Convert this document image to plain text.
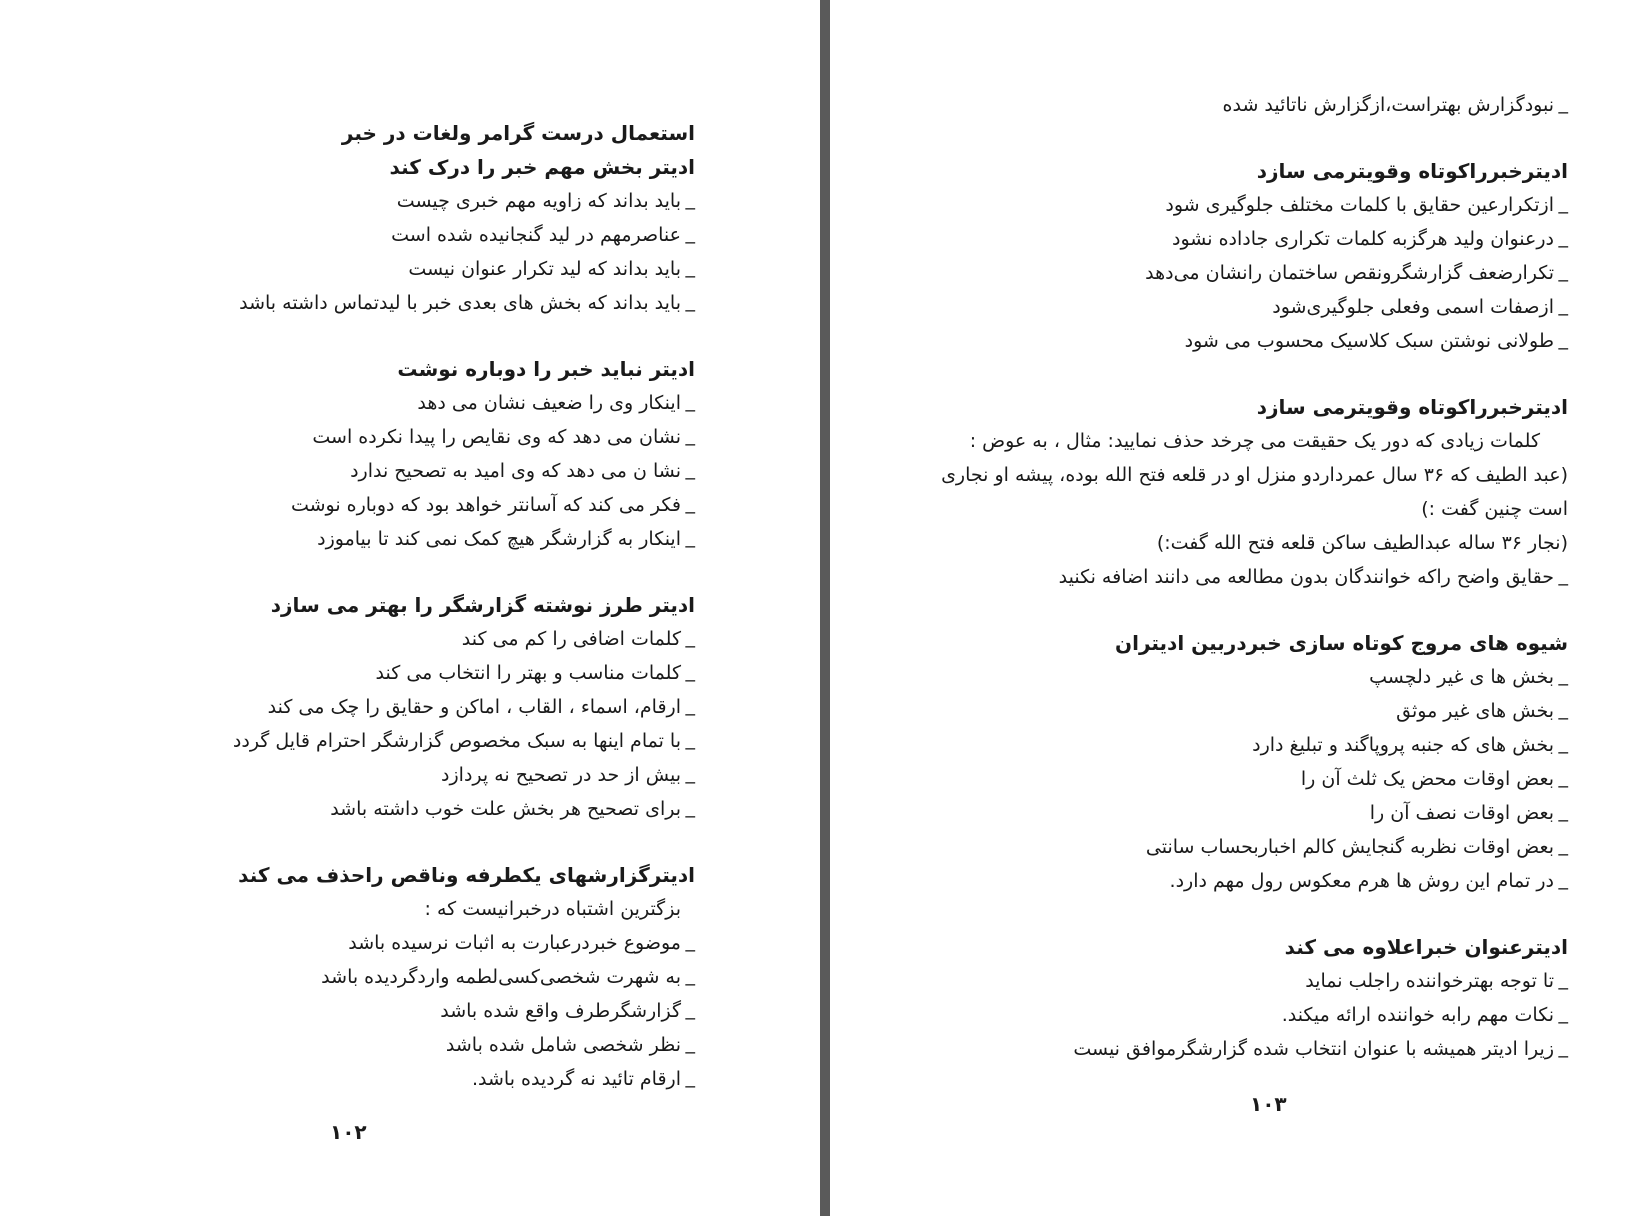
استعمال درست گرامر ولغات در خبر

ادیتر بخش مهم خبر را درک کند

_ باید بداند که زاویه مهم خبری چیست
_ عناصرمهم در لید گنجانیده شده است
_ باید بداند که لید تکرار عنوان نیست
_ باید بداند که بخش های بعدی خبر با لیدتماس داشته باشد

ادیتر نباید خبر را دوباره نوشت

_ اینکار وی را ضعیف نشان می دهد
_ نشان می دهد که وی نقایص را پیدا نکرده است
_ نشا ن می دهد که وی امید به تصحیح ندارد
_ فکر می کند که آسانتر خواهد بود که دوباره نوشت
_ اینکار به گزارشگر هیچ کمک نمی کند تا بیاموزد

ادیتر طرز نوشته گزارشگر را بهتر می سازد

_ کلمات اضافی را کم می کند
_ کلمات مناسب و بهتر را انتخاب می کند
_ ارقام، اسماء ، القاب ، اماکن و حقایق را چک می کند
_ با تمام اینها به سبک مخصوص گزارشگر احترام قایل گردد
_ بیش از حد در تصحیح نه پردازد
_ برای تصحیح هر بخش علت خوب داشته باشد

ادیترگزارشهای یکطرفه وناقص راحذف می کند

بزگترین اشتباه درخبرانیست که :

_ موضوع خبردرعبارت به اثبات نرسیده باشد
_ به شهرت شخصی‌کسی‌لطمه واردگردیده باشد
_ گزارشگرطرف واقع شده باشد
_ نظر شخصی شامل شده باشد
_ ارقام تائید نه گردیده باشد.
۱۰۲
_ نبودگزارش بهتراست،ازگزارش ناتائید شده

ادیترخبرراکوتاه وقویترمی سازد

_ ازتکرارعین حقایق با کلمات مختلف جلوگیری شود
_ درعنوان ولید هرگزبه کلمات تکراری جاداده نشود
_ تکرارضعف گزارشگرونقص ساختمان رانشان می‌دهد
_ ازصفات اسمی وفعلی جلوگیری‌شود
_ طولانی نوشتن سبک کلاسیک محسوب می شود

ادیترخبرراکوتاه وقویترمی سازد

کلمات زیادی که دور یک حقیقت می چرخد حذف نمایید: مثال ، به عوض :

(عبد الطیف که ۳۶ سال عمرداردو منزل او در قلعه فتح الله بوده، پیشه او نجاری است چنین گفت :)

(نجار ۳۶ ساله عبدالطیف ساکن قلعه فتح الله گفت:)

_ حقایق واضح راکه خوانندگان بدون مطالعه می دانند اضافه نکنید

شیوه های مروج کوتاه سازی خبردربین ادیتران

_ بخش ها ی غیر دلچسپ
_ بخش های غیر موثق
_ بخش های که جنبه پروپاگند و تبلیغ دارد
_ بعض اوقات محض یک ثلث آن را
_ بعض اوقات نصف آن را
_ بعض اوقات نظربه گنجایش کالم اخباربحساب سانتی
_ در تمام این روش ها هرم معکوس رول مهم دارد.

ادیترعنوان خبراعلاوه می کند

_ تا توجه بهترخواننده راجلب نماید
_ نکات مهم رابه خواننده ارائه میکند.
_ زیرا ادیتر همیشه با عنوان انتخاب شده گزارشگرموافق نیست
۱۰۳
